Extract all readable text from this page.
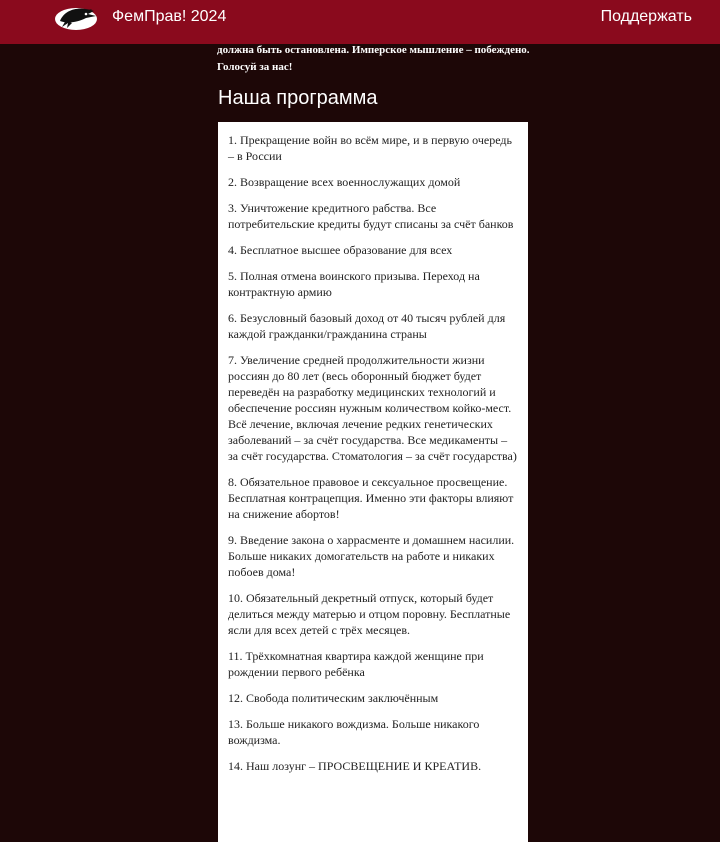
ФемПрав! 2024	Поддержать
должна быть остановлена. Имперское мышление – побеждено.
Голосуй за нас!
Наша программа

1. Прекращение войн во всём мире, и в первую очередь – в России

2. Возвращение всех военнослужащих домой

3. Уничтожение кредитного рабства. Все потребительские кредиты будут списаны за счёт банков

4. Бесплатное высшее образование для всех

5. Полная отмена воинского призыва. Переход на контрактную армию

6. Безусловный базовый доход от 40 тысяч рублей для каждой гражданки/гражданина страны

7. Увеличение средней продолжительности жизни россиян до 80 лет (весь оборонный бюджет будет переведён на разработку медицинских технологий и обеспечение россиян нужным количеством койко-мест. Всё лечение, включая лечение редких генетических заболеваний – за счёт государства. Все медикаменты – за счёт государства. Стоматология – за счёт государства)

8. Обязательное правовое и сексуальное просвещение. Бесплатная контрацепция. Именно эти факторы влияют на снижение абортов!

9. Введение закона о харрасменте и домашнем насилии. Больше никаких домогательств на работе и никаких побоев дома!

10. Обязательный декретный отпуск, который будет делиться между матерью и отцом поровну. Бесплатные ясли для всех детей с трёх месяцев.

11. Трёхкомнатная квартира каждой женщине при рождении первого ребёнка

12. Свобода политическим заключённым

13. Больше никакого вождизма. Больше никакого вождизма.

14. Наш лозунг – ПРОСВЕЩЕНИЕ И КРЕАТИВ.
